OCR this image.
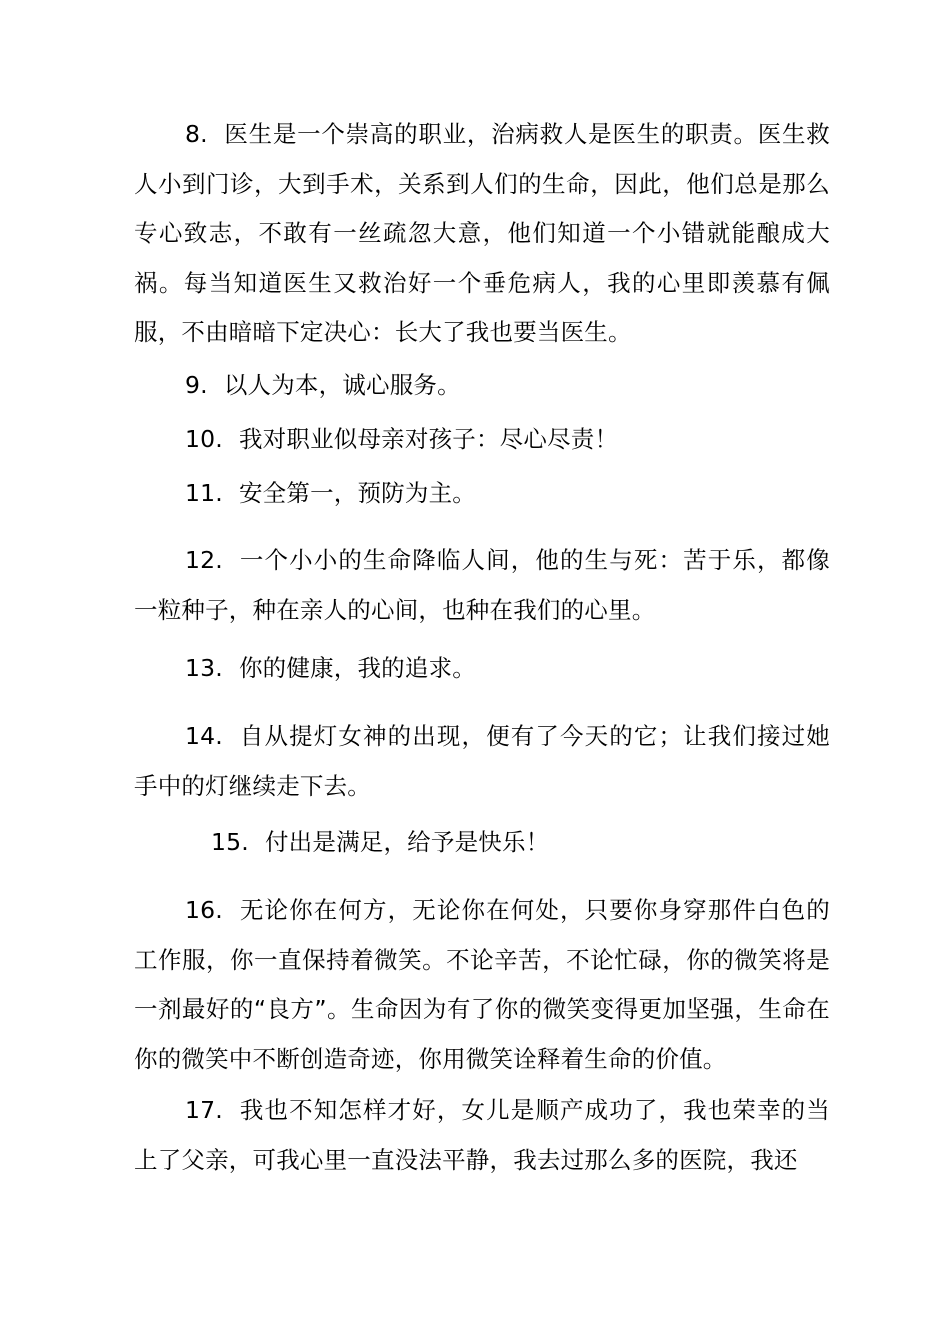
8. 医生是一个崇高的职业，治病救人是医生的职责。医生救人小到门诊，大到手术，关系到人们的生命，因此，他们总是那么专心致志，不敢有一丝疏忽大意，他们知道一个小错就能酿成大祸。每当知道医生又救治好一个垂危病人，我的心里即羡慕有佩服，不由暗暗下定决心：长大了我也要当医生。

9. 以人为本，诚心服务。

10. 我对职业似母亲对孩子：尽心尽责！

11. 安全第一，预防为主。

12. 一个小小的生命降临人间，他的生与死：苦于乐，都像一粒种子，种在亲人的心间，也种在我们的心里。

13. 你的健康，我的追求。

14. 自从提灯女神的出现，便有了今天的它；让我们接过她手中的灯继续走下去。

15. 付出是满足，给予是快乐！

16. 无论你在何方，无论你在何处，只要你身穿那件白色的工作服，你一直保持着微笑。不论辛苦，不论忙碌，你的微笑将是一剂最好的“良方”。生命因为有了你的微笑变得更加坚强，生命在你的微笑中不断创造奇迹，你用微笑诠释着生命的价值。

17. 我也不知怎样才好，女儿是顺产成功了，我也荣幸的当上了父亲，可我心里一直没法平静，我去过那么多的医院，我还
